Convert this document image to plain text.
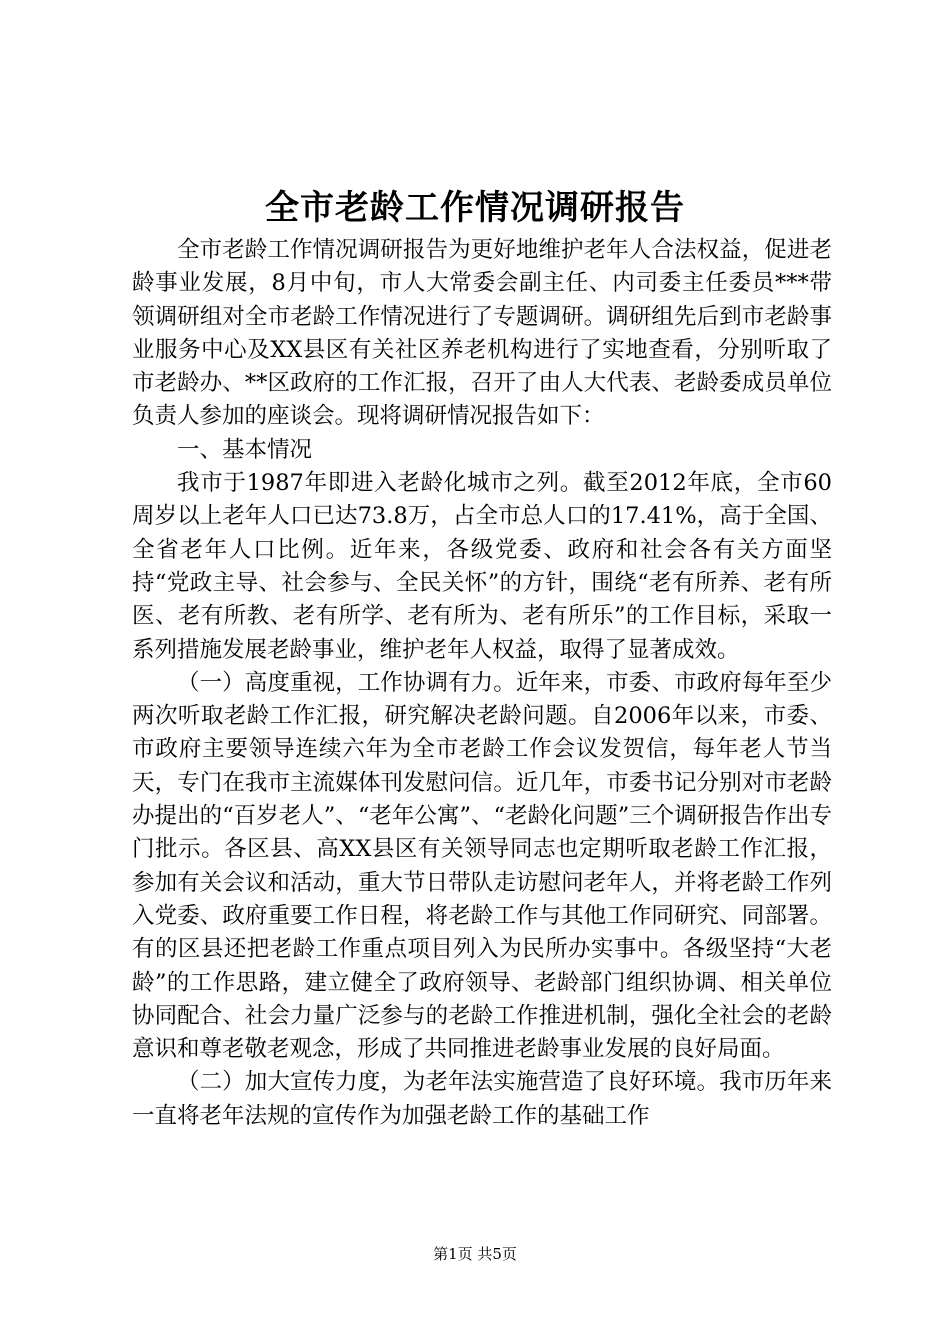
全市老龄工作情况调研报告

全市老龄工作情况调研报告为更好地维护老年人合法权益，促进老龄事业发展，8月中旬，市人大常委会副主任、内司委主任委员***带领调研组对全市老龄工作情况进行了专题调研。调研组先后到市老龄事业服务中心及XX县区有关社区养老机构进行了实地查看，分别听取了市老龄办、**区政府的工作汇报，召开了由人大代表、老龄委成员单位负责人参加的座谈会。现将调研情况报告如下：

一、基本情况

我市于1987年即进入老龄化城市之列。截至2012年底，全市60周岁以上老年人口已达73.8万，占全市总人口的17.41%，高于全国、全省老年人口比例。近年来，各级党委、政府和社会各有关方面坚持“党政主导、社会参与、全民关怀”的方针，围绕“老有所养、老有所医、老有所教、老有所学、老有所为、老有所乐”的工作目标，采取一系列措施发展老龄事业，维护老年人权益，取得了显著成效。

（一）高度重视，工作协调有力。近年来，市委、市政府每年至少两次听取老龄工作汇报，研究解决老龄问题。自2006年以来，市委、市政府主要领导连续六年为全市老龄工作会议发贺信，每年老人节当天，专门在我市主流媒体刊发慰问信。近几年，市委书记分别对市老龄办提出的“百岁老人”、“老年公寓”、“老龄化问题”三个调研报告作出专门批示。各区县、高XX县区有关领导同志也定期听取老龄工作汇报，参加有关会议和活动，重大节日带队走访慰问老年人，并将老龄工作列入党委、政府重要工作日程，将老龄工作与其他工作同研究、同部署。有的区县还把老龄工作重点项目列入为民所办实事中。各级坚持“大老龄”的工作思路，建立健全了政府领导、老龄部门组织协调、相关单位协同配合、社会力量广泛参与的老龄工作推进机制，强化全社会的老龄意识和尊老敬老观念，形成了共同推进老龄事业发展的良好局面。

（二）加大宣传力度，为老年法实施营造了良好环境。我市历年来一直将老年法规的宣传作为加强老龄工作的基础工作

第1页 共5页
